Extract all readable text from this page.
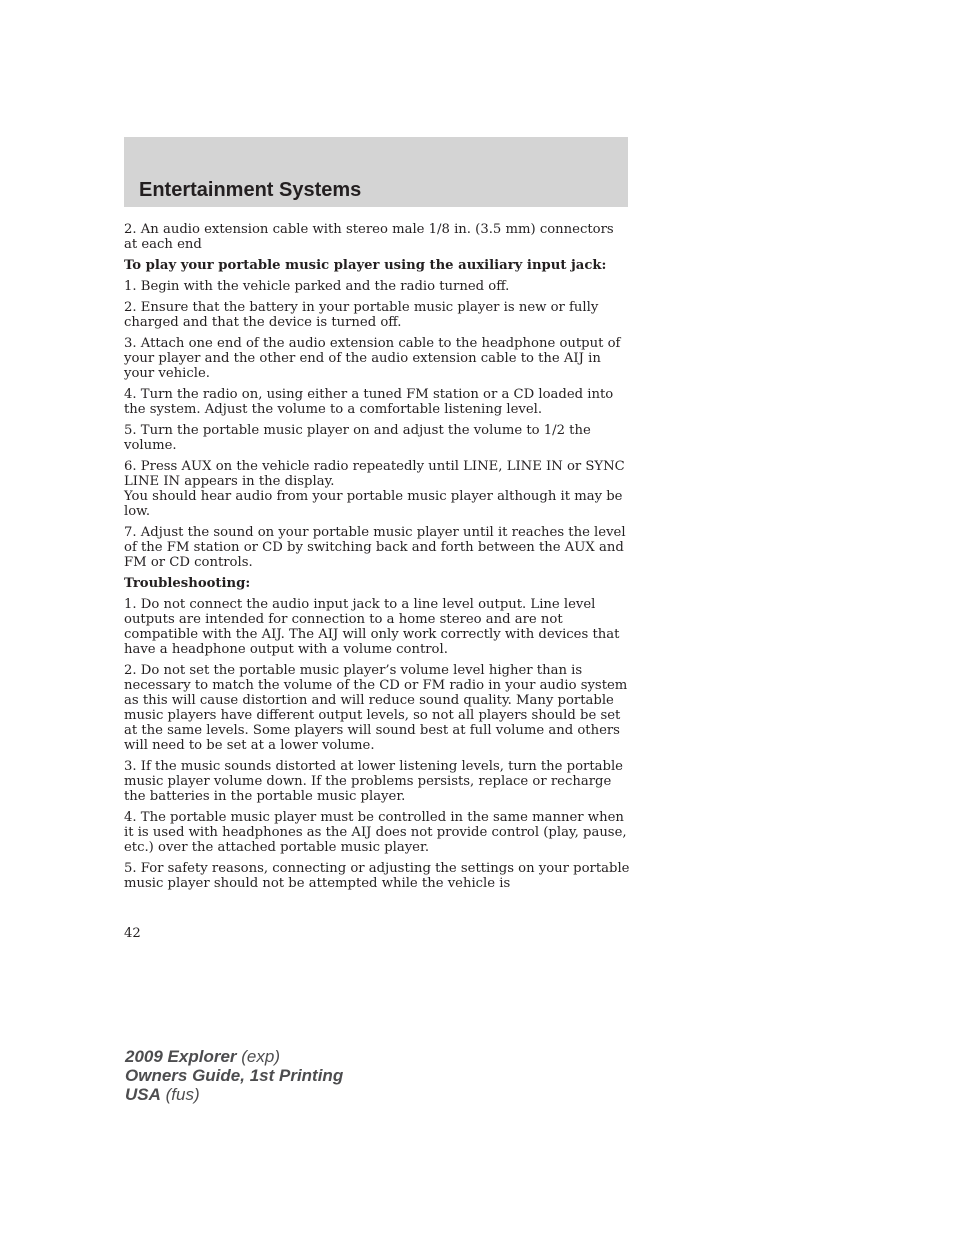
Entertainment Systems

2. An audio extension cable with stereo male 1/8 in. (3.5 mm) connectors at each end

To play your portable music player using the auxiliary input jack:

1. Begin with the vehicle parked and the radio turned off.

2. Ensure that the battery in your portable music player is new or fully charged and that the device is turned off.

3. Attach one end of the audio extension cable to the headphone output of your player and the other end of the audio extension cable to the AIJ in your vehicle.

4. Turn the radio on, using either a tuned FM station or a CD loaded into the system. Adjust the volume to a comfortable listening level.

5. Turn the portable music player on and adjust the volume to 1/2 the volume.

6. Press AUX on the vehicle radio repeatedly until LINE, LINE IN or SYNC LINE IN appears in the display.

You should hear audio from your portable music player although it may be low.

7. Adjust the sound on your portable music player until it reaches the level of the FM station or CD by switching back and forth between the AUX and FM or CD controls.

Troubleshooting:

1. Do not connect the audio input jack to a line level output. Line level outputs are intended for connection to a home stereo and are not compatible with the AIJ. The AIJ will only work correctly with devices that have a headphone output with a volume control.

2. Do not set the portable music player’s volume level higher than is necessary to match the volume of the CD or FM radio in your audio system as this will cause distortion and will reduce sound quality. Many portable music players have different output levels, so not all players should be set at the same levels. Some players will sound best at full volume and others will need to be set at a lower volume.

3. If the music sounds distorted at lower listening levels, turn the portable music player volume down. If the problems persists, replace or recharge the batteries in the portable music player.

4. The portable music player must be controlled in the same manner when it is used with headphones as the AIJ does not provide control (play, pause, etc.) over the attached portable music player.

5. For safety reasons, connecting or adjusting the settings on your portable music player should not be attempted while the vehicle is

42
2009 Explorer (exp)
Owners Guide, 1st Printing
USA (fus)
